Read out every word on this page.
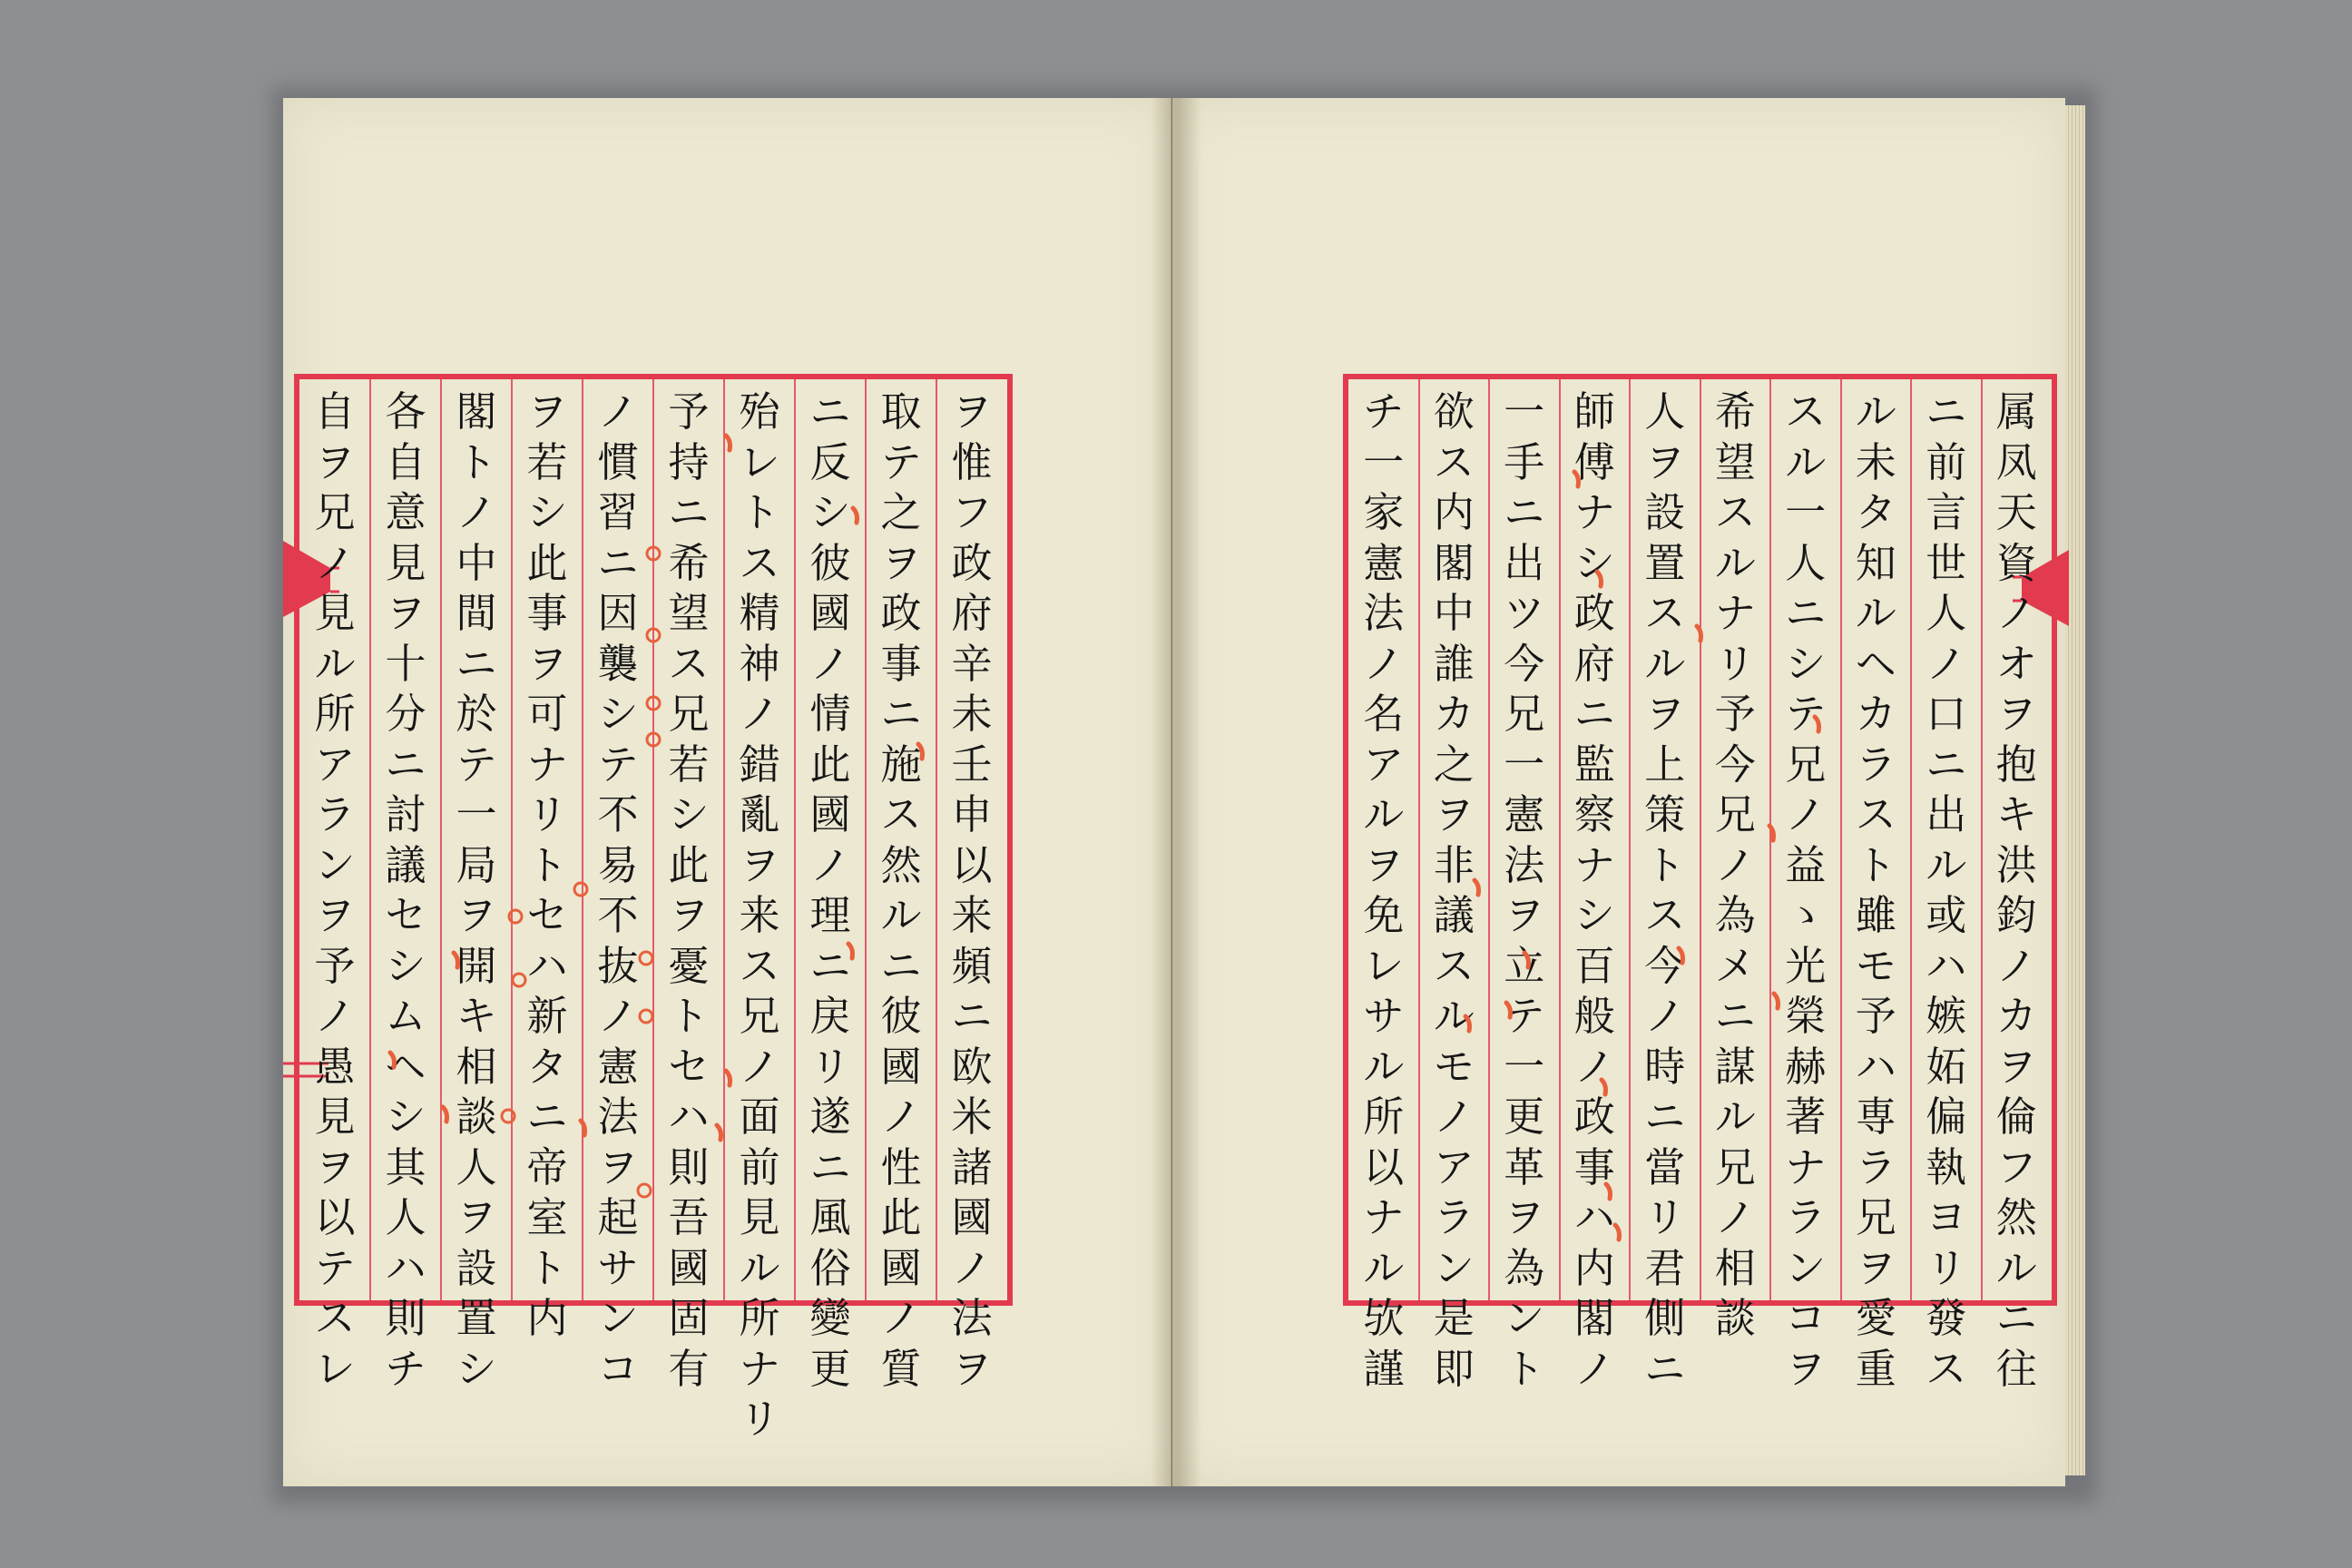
ヲ
惟
フ
政
府
辛
未
壬
申
以
来
頻
ニ
欧
米
諸
國
ノ
法
ヲ
取
テ
之
ヲ
政
事
ニ
施
ス
然
ル
ニ
彼
國
ノ
性
此
國
ノ
質
ニ
反
シ
彼
國
ノ
情
此
國
ノ
理
ニ
戻
リ
遂
ニ
風
俗
變
更
殆
レ
ト
ス
精
神
ノ
錯
亂
ヲ
来
ス
兄
ノ
面
前
見
ル
所
ナ
リ
予
持
ニ
希
望
ス
兄
若
シ
此
ヲ
憂
ト
セ
ハ
則
吾
國
固
有
ノ
慣
習
ニ
因
襲
シ
テ
不
易
不
抜
ノ
憲
法
ヲ
起
サ
ン
コ
ヲ
若
シ
此
事
ヲ
可
ナ
リ
ト
セ
ハ
新
タ
ニ
帝
室
ト
内
閣
ト
ノ
中
間
ニ
於
テ
一
局
ヲ
開
キ
相
談
人
ヲ
設
置
シ
各
自
意
見
ヲ
十
分
ニ
討
議
セ
シ
ム
ヘ
シ
其
人
ハ
則
チ
自
ヲ
兄
ノ
見
ル
所
ア
ラ
ン
ヲ
予
ノ
愚
見
ヲ
以
テ
ス
レ
属
凤
天
資
ノ
オ
ヲ
抱
キ
洪
鈞
ノ
カ
ヲ
倫
フ
然
ル
ニ
往
ニ
前
言
世
人
ノ
口
ニ
出
ル
或
ハ
嫉
妬
偏
執
ヨ
リ
發
ス
ル
未
タ
知
ル
ヘ
カ
ラ
ス
ト
雖
モ
予
ハ
専
ラ
兄
ヲ
愛
重
ス
ル
一
人
ニ
シ
テ
兄
ノ
益
ゝ
光
榮
赫
著
ナ
ラ
ン
コ
ヲ
希
望
ス
ル
ナ
リ
予
今
兄
ノ
為
メ
ニ
謀
ル
兄
ノ
相
談
人
ヲ
設
置
ス
ル
ヲ
上
策
ト
ス
今
ノ
時
ニ
當
リ
君
側
ニ
師
傅
ナ
シ
政
府
ニ
監
察
ナ
シ
百
般
ノ
政
事
ハ
内
閣
ノ
一
手
ニ
出
ツ
今
兄
一
憲
法
ヲ
立
テ
一
更
革
ヲ
為
ン
ト
欲
ス
内
閣
中
誰
カ
之
ヲ
非
議
ス
ル
モ
ノ
ア
ラ
ン
是
即
チ
一
家
憲
法
ノ
名
ア
ル
ヲ
免
レ
サ
ル
所
以
ナ
ル
欤
謹
